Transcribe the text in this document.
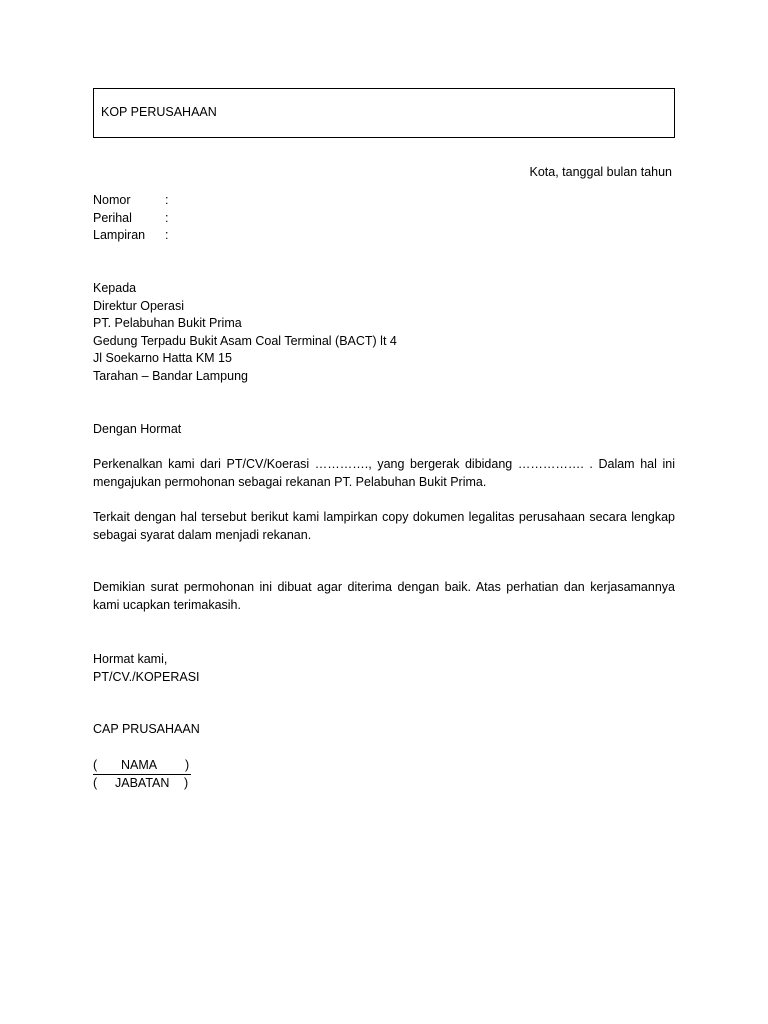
KOP PERUSAHAAN
Kota, tanggal bulan tahun
Nomor	:
Perihal	:
Lampiran	:
Kepada
Direktur Operasi
PT. Pelabuhan Bukit Prima
Gedung Terpadu Bukit Asam Coal Terminal (BACT) lt 4
Jl Soekarno Hatta KM 15
Tarahan – Bandar Lampung
Dengan Hormat
Perkenalkan kami dari PT/CV/Koerasi …………., yang bergerak dibidang ……………. . Dalam hal ini mengajukan permohonan sebagai rekanan PT. Pelabuhan Bukit Prima.
Terkait dengan hal tersebut berikut kami lampirkan copy dokumen legalitas perusahaan secara lengkap sebagai syarat dalam menjadi rekanan.
Demikian surat permohonan ini dibuat agar diterima dengan baik. Atas perhatian dan kerjasamannya kami ucapkan terimakasih.
Hormat kami,
PT/CV./KOPERASI
CAP PRUSAHAAN
( NAMA )
( JABATAN )
